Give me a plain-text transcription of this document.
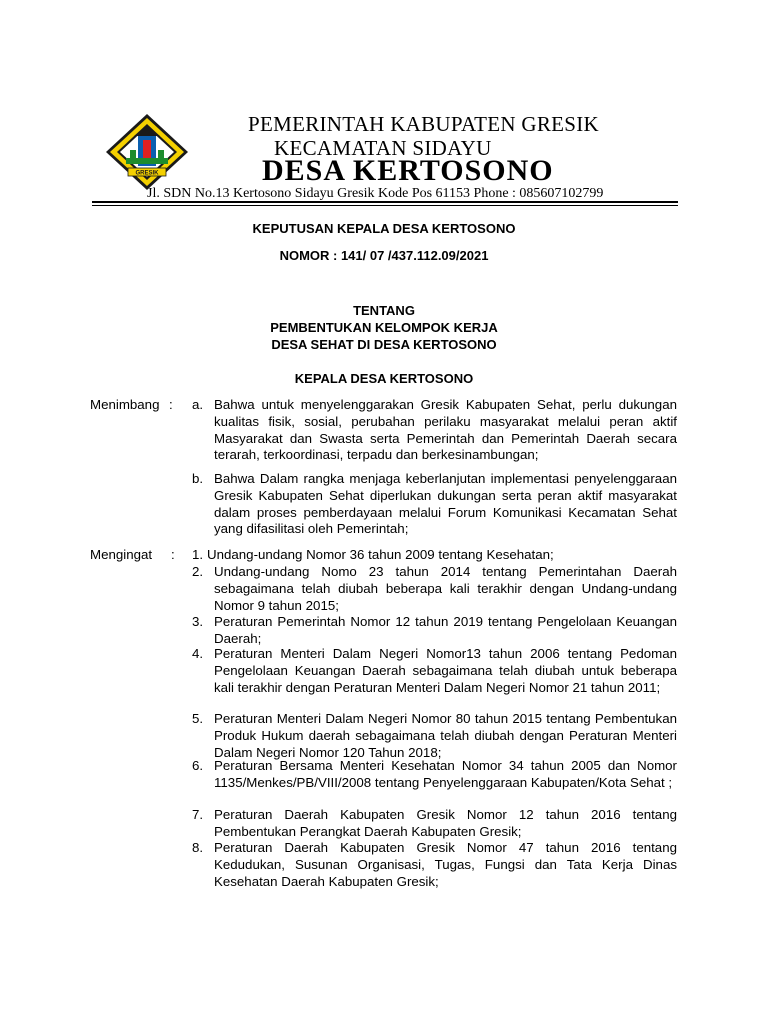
GRESIK
PEMERINTAH KABUPATEN GRESIK
KECAMATAN SIDAYU
DESA KERTOSONO
Jl. SDN No.13 Kertosono Sidayu Gresik Kode Pos 61153 Phone : 085607102799
KEPUTUSAN KEPALA DESA KERTOSONO
NOMOR : 141/ 07 /437.112.09/2021
TENTANG
PEMBENTUKAN KELOMPOK KERJA
DESA SEHAT DI DESA KERTOSONO
KEPALA DESA KERTOSONO
Menimbang : a. Bahwa untuk menyelenggarakan Gresik Kabupaten Sehat, perlu dukungan kualitas fisik, sosial, perubahan perilaku masyarakat melalui peran aktif Masyarakat dan Swasta serta Pemerintah dan Pemerintah Daerah secara terarah, terkoordinasi, terpadu dan berkesinambungan;
b. Bahwa Dalam rangka menjaga keberlanjutan implementasi penyelenggaraan Gresik Kabupaten Sehat diperlukan dukungan serta peran aktif masyarakat dalam proses pemberdayaan melalui Forum Komunikasi Kecamatan Sehat yang difasilitasi oleh Pemerintah;
Mengingat : 1. Undang-undang Nomor 36 tahun 2009 tentang Kesehatan;
2. Undang-undang Nomo 23 tahun 2014 tentang Pemerintahan Daerah sebagaimana telah diubah beberapa kali terakhir dengan Undang-undang Nomor 9 tahun 2015;
3. Peraturan Pemerintah Nomor 12 tahun 2019 tentang Pengelolaan Keuangan Daerah;
4. Peraturan Menteri Dalam Negeri Nomor13 tahun 2006 tentang Pedoman Pengelolaan Keuangan Daerah sebagaimana telah diubah untuk beberapa kali terakhir dengan Peraturan Menteri Dalam Negeri Nomor 21 tahun 2011;
5. Peraturan Menteri Dalam Negeri Nomor 80 tahun 2015 tentang Pembentukan Produk Hukum daerah sebagaimana telah diubah dengan Peraturan Menteri Dalam Negeri Nomor 120 Tahun 2018;
6. Peraturan Bersama Menteri Kesehatan Nomor 34 tahun 2005 dan Nomor 1135/Menkes/PB/VIII/2008 tentang Penyelenggaraan Kabupaten/Kota Sehat ;
7. Peraturan Daerah Kabupaten Gresik Nomor 12 tahun 2016 tentang Pembentukan Perangkat Daerah Kabupaten Gresik;
8. Peraturan Daerah Kabupaten Gresik Nomor 47 tahun 2016 tentang Kedudukan, Susunan Organisasi, Tugas, Fungsi dan Tata Kerja Dinas Kesehatan Daerah Kabupaten Gresik;
